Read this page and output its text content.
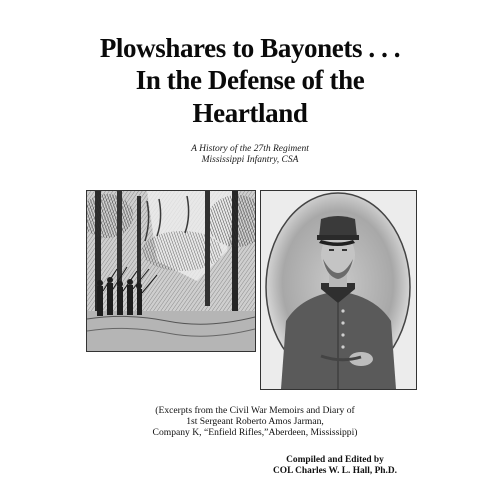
Plowshares to Bayonets . . .
In the Defense of the
Heartland
A History of the 27th Regiment
Mississippi Infantry, CSA
(Excerpts from the Civil War Memoirs and Diary of
1st Sergeant Roberto Amos Jarman,
Company K, “Enfield Rifles,”Aberdeen, Mississippi)
Compiled and Edited by
COL Charles W. L. Hall, Ph.D.
